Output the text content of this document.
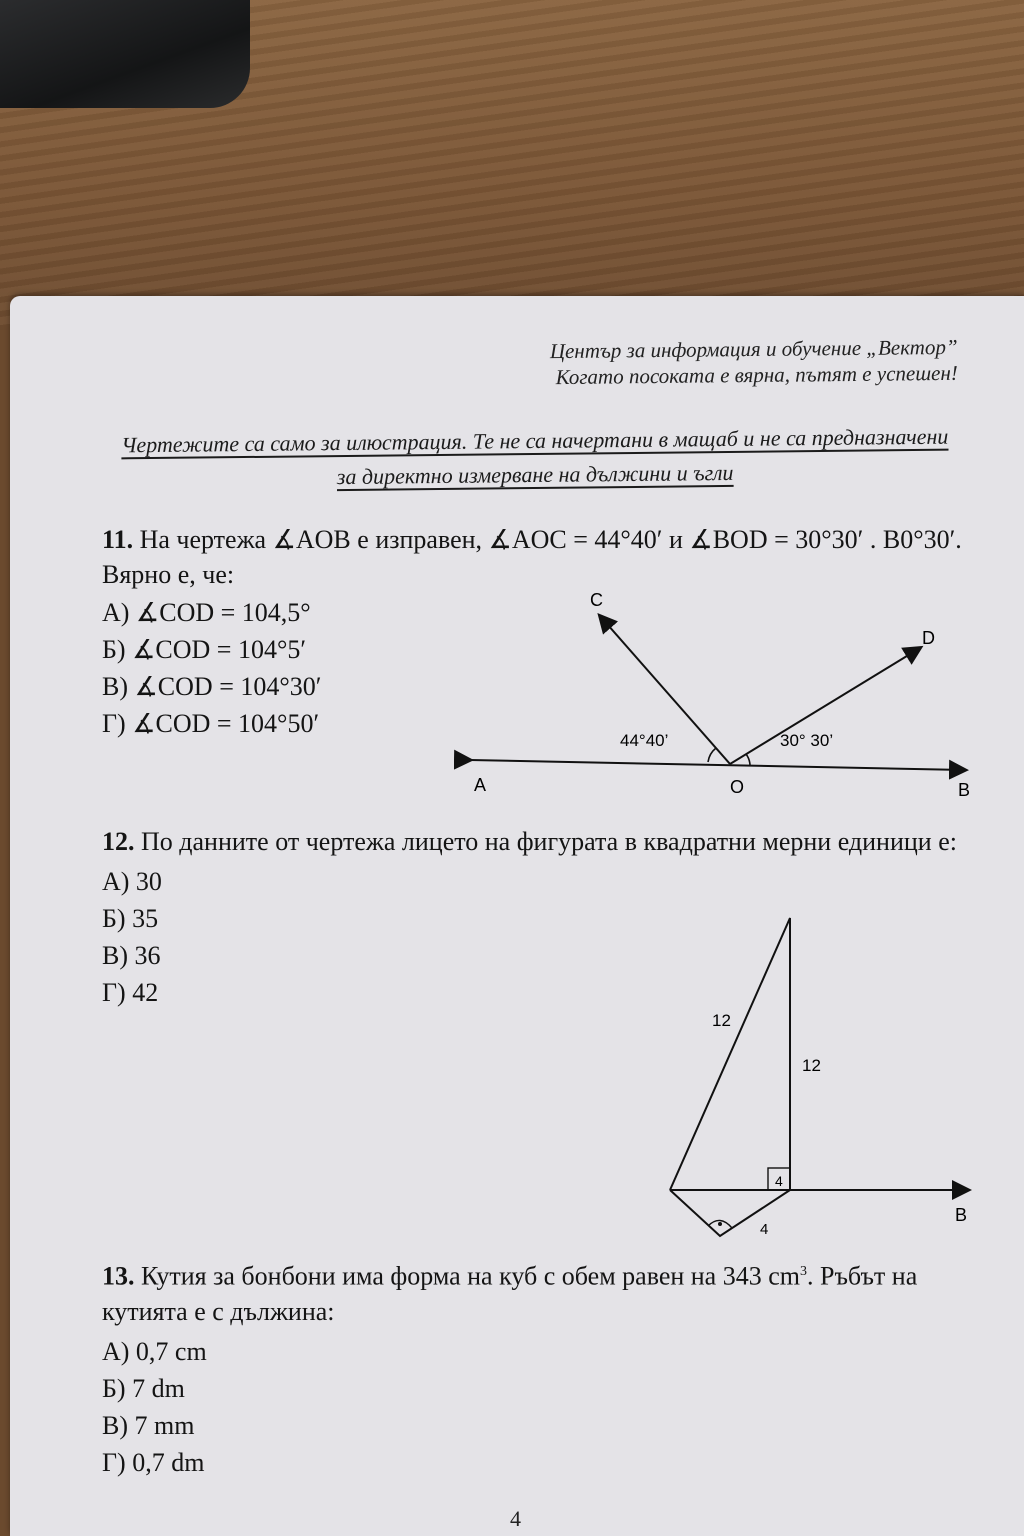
Център за информация и обучение „Вектор”
Когато посоката е вярна, пътят е успешен!
Чертежите са само за илюстрация. Те не са начертани в мащаб и не са предназначени за директно измерване на дължини и ъгли
11. На чертежа ∡AOB е изправен, ∡AOC = 44°40′ и ∡BOD = 30°30′ . B0°30′. Вярно е, че:
А) ∡COD = 104,5°
Б) ∡COD = 104°5′
В) ∡COD = 104°30′
Г) ∡COD = 104°50′
C
D
A	O	B
44°40’	30° 30’
12. По данните от чертежа лицето на фигурата в квадратни мерни единици е:
А) 30
Б) 35
В) 36
Г) 42
12
12
4
4
B
13. Кутия за бонбони има форма на куб с обем равен на 343 $cm^3$. Ръбът на кутията е с дължина:
А) 0,7 cm
Б) 7 dm
В) 7 mm
Г) 0,7 dm
4
